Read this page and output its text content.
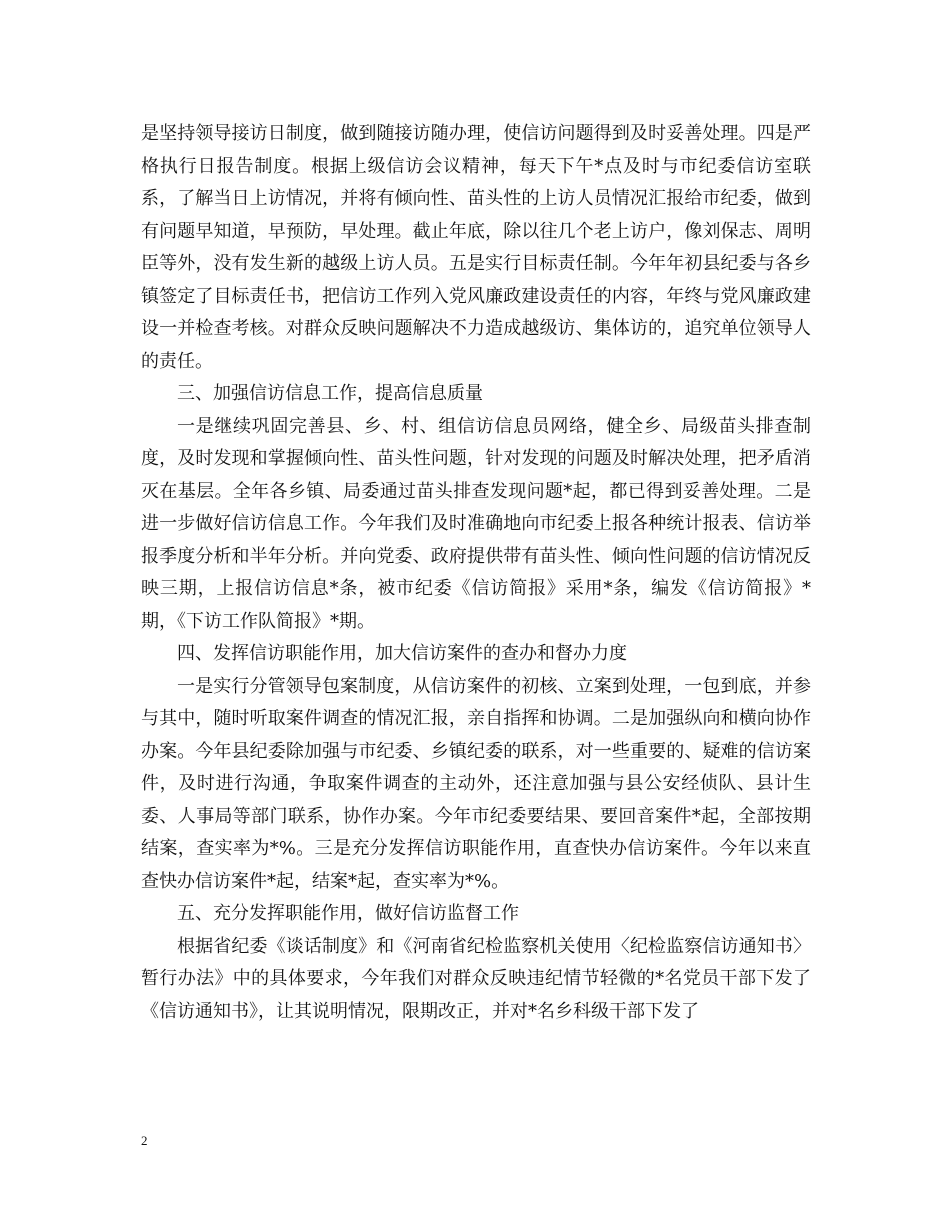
是坚持领导接访日制度，做到随接访随办理，使信访问题得到及时妥善处理。四是严格执行日报告制度。根据上级信访会议精神，每天下午*点及时与市纪委信访室联系，了解当日上访情况，并将有倾向性、苗头性的上访人员情况汇报给市纪委，做到有问题早知道，早预防，早处理。截止年底，除以往几个老上访户，像刘保志、周明臣等外，没有发生新的越级上访人员。五是实行目标责任制。今年年初县纪委与各乡镇签定了目标责任书，把信访工作列入党风廉政建设责任的内容，年终与党风廉政建设一并检查考核。对群众反映问题解决不力造成越级访、集体访的，追究单位领导人的责任。

三、加强信访信息工作，提高信息质量

一是继续巩固完善县、乡、村、组信访信息员网络，健全乡、局级苗头排查制度，及时发现和掌握倾向性、苗头性问题，针对发现的问题及时解决处理，把矛盾消灭在基层。全年各乡镇、局委通过苗头排查发现问题*起，都已得到妥善处理。二是进一步做好信访信息工作。今年我们及时准确地向市纪委上报各种统计报表、信访举报季度分析和半年分析。并向党委、政府提供带有苗头性、倾向性问题的信访情况反映三期，上报信访信息*条，被市纪委《信访简报》采用*条，编发《信访简报》*期，《下访工作队简报》*期。

四、发挥信访职能作用，加大信访案件的查办和督办力度

一是实行分管领导包案制度，从信访案件的初核、立案到处理，一包到底，并参与其中，随时听取案件调查的情况汇报，亲自指挥和协调。二是加强纵向和横向协作办案。今年县纪委除加强与市纪委、乡镇纪委的联系，对一些重要的、疑难的信访案件，及时进行沟通，争取案件调查的主动外，还注意加强与县公安经侦队、县计生委、人事局等部门联系，协作办案。今年市纪委要结果、要回音案件*起，全部按期结案，查实率为*%。三是充分发挥信访职能作用，直查快办信访案件。今年以来直查快办信访案件*起，结案*起，查实率为*%。

五、充分发挥职能作用，做好信访监督工作

根据省纪委《谈话制度》和《河南省纪检监察机关使用〈纪检监察信访通知书〉暂行办法》中的具体要求，今年我们对群众反映违纪情节轻微的*名党员干部下发了《信访通知书》，让其说明情况，限期改正，并对*名乡科级干部下发了

2
